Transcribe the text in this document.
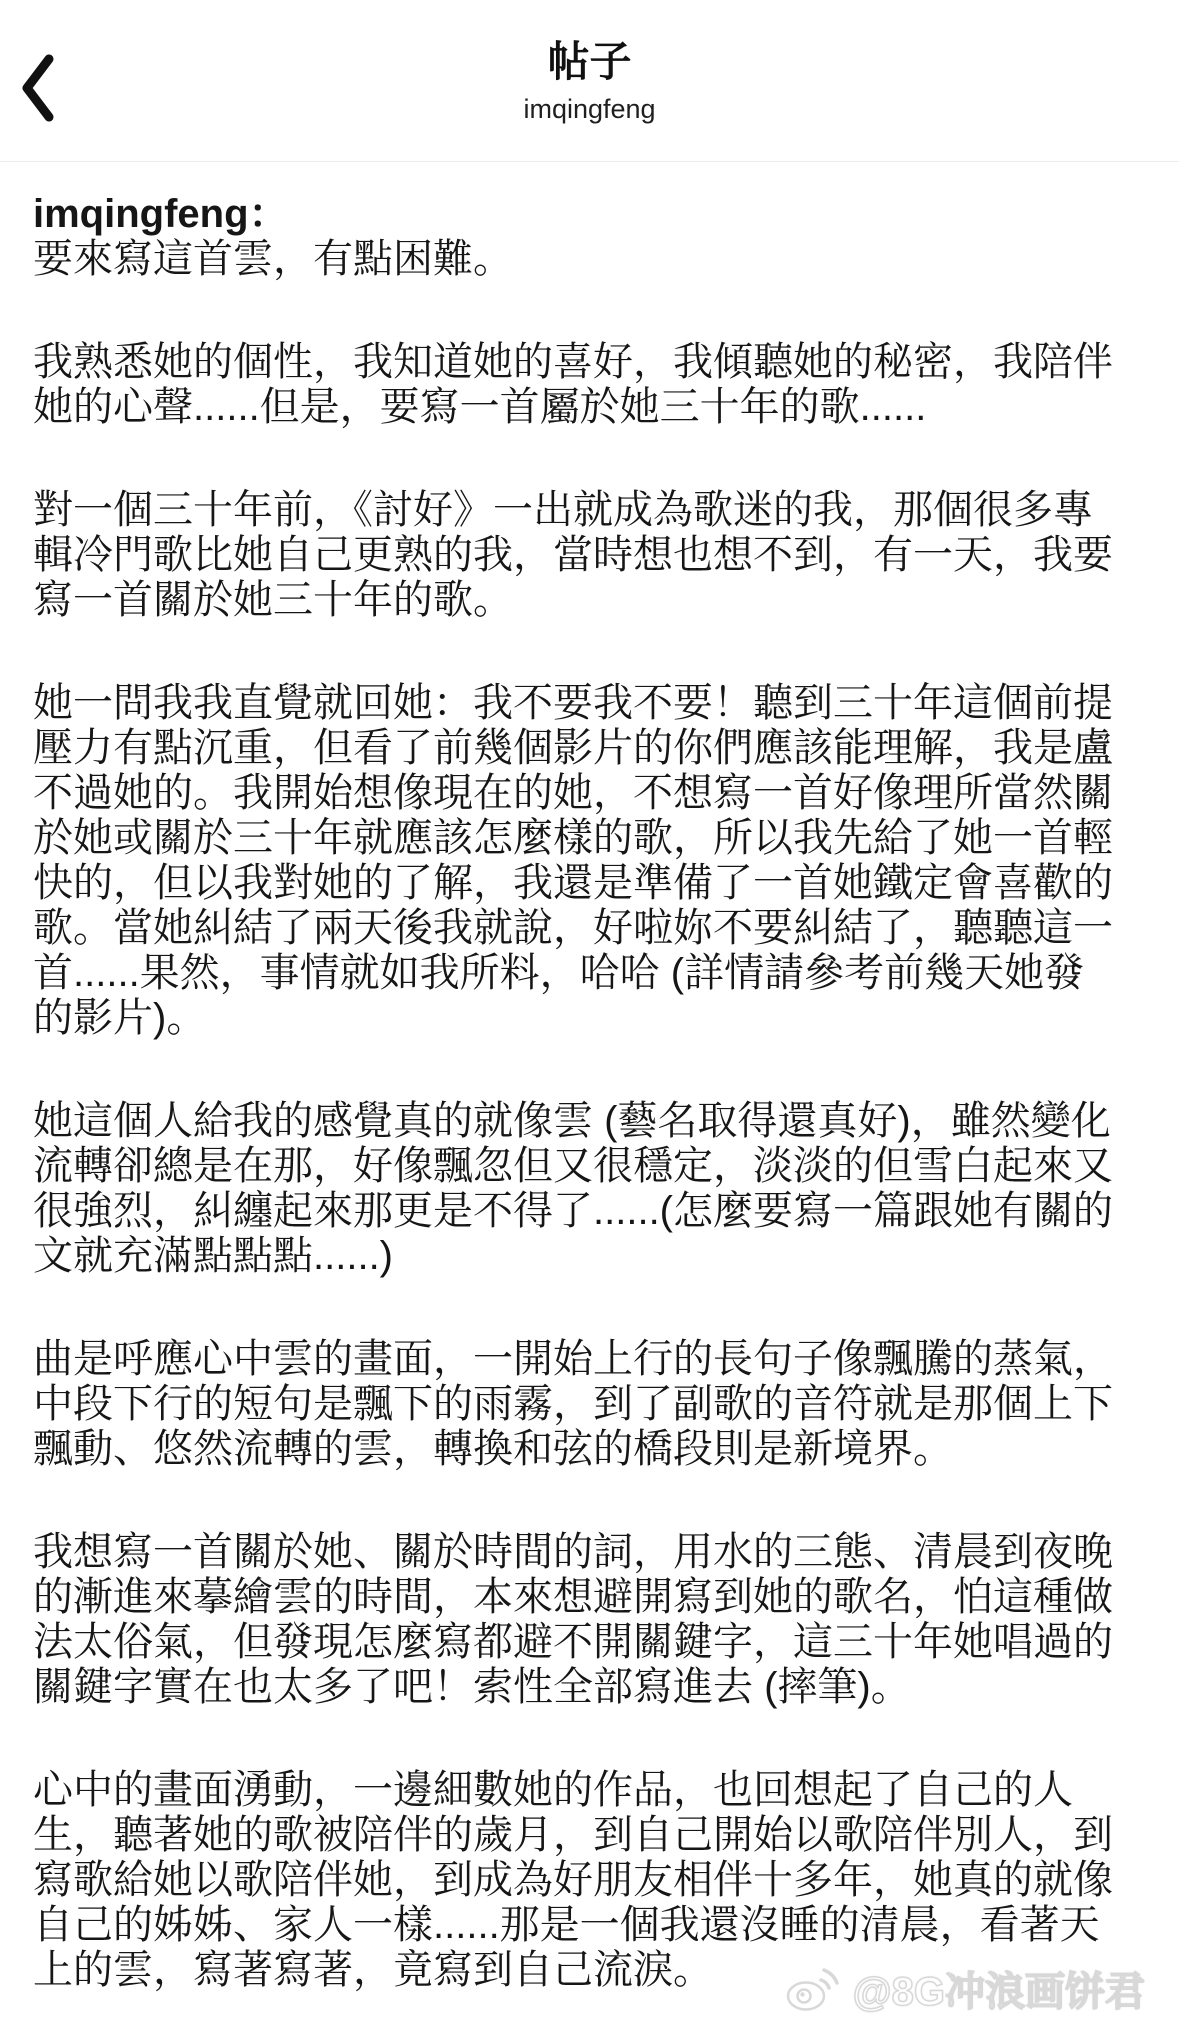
帖子
imqingfeng

imqingfeng：
要來寫這首雲，有點困難。

我熟悉她的個性，我知道她的喜好，我傾聽她的秘密，我陪伴她的心聲......但是，要寫一首屬於她三十年的歌......

對一個三十年前，《討好》一出就成為歌迷的我，那個很多專輯冷門歌比她自己更熟的我，當時想也想不到，有一天，我要寫一首關於她三十年的歌。

她一問我我直覺就回她：我不要我不要！聽到三十年這個前提壓力有點沉重，但看了前幾個影片的你們應該能理解，我是盧不過她的。我開始想像現在的她，不想寫一首好像理所當然關於她或關於三十年就應該怎麼樣的歌，所以我先給了她一首輕快的，但以我對她的了解，我還是準備了一首她鐵定會喜歡的歌。當她糾結了兩天後我就說，好啦妳不要糾結了，聽聽這一首......果然，事情就如我所料，哈哈 (詳情請參考前幾天她發的影片)。

她這個人給我的感覺真的就像雲 (藝名取得還真好)，雖然變化流轉卻總是在那，好像飄忽但又很穩定，淡淡的但雪白起來又很強烈，糾纏起來那更是不得了......(怎麼要寫一篇跟她有關的文就充滿點點點......)

曲是呼應心中雲的畫面，一開始上行的長句子像飄騰的蒸氣，中段下行的短句是飄下的雨霧，到了副歌的音符就是那個上下飄動、悠然流轉的雲，轉換和弦的橋段則是新境界。

我想寫一首關於她、關於時間的詞，用水的三態、清晨到夜晚的漸進來摹繪雲的時間，本來想避開寫到她的歌名，怕這種做法太俗氣，但發現怎麼寫都避不開關鍵字，這三十年她唱過的關鍵字實在也太多了吧！索性全部寫進去 (摔筆)。

心中的畫面湧動，一邊細數她的作品，也回想起了自己的人生，聽著她的歌被陪伴的歲月，到自己開始以歌陪伴別人，到寫歌給她以歌陪伴她，到成為好朋友相伴十多年，她真的就像自己的姊姊、家人一樣......那是一個我還沒睡的清晨，看著天上的雲，寫著寫著，竟寫到自己流淚。	@8G冲浪画饼君
